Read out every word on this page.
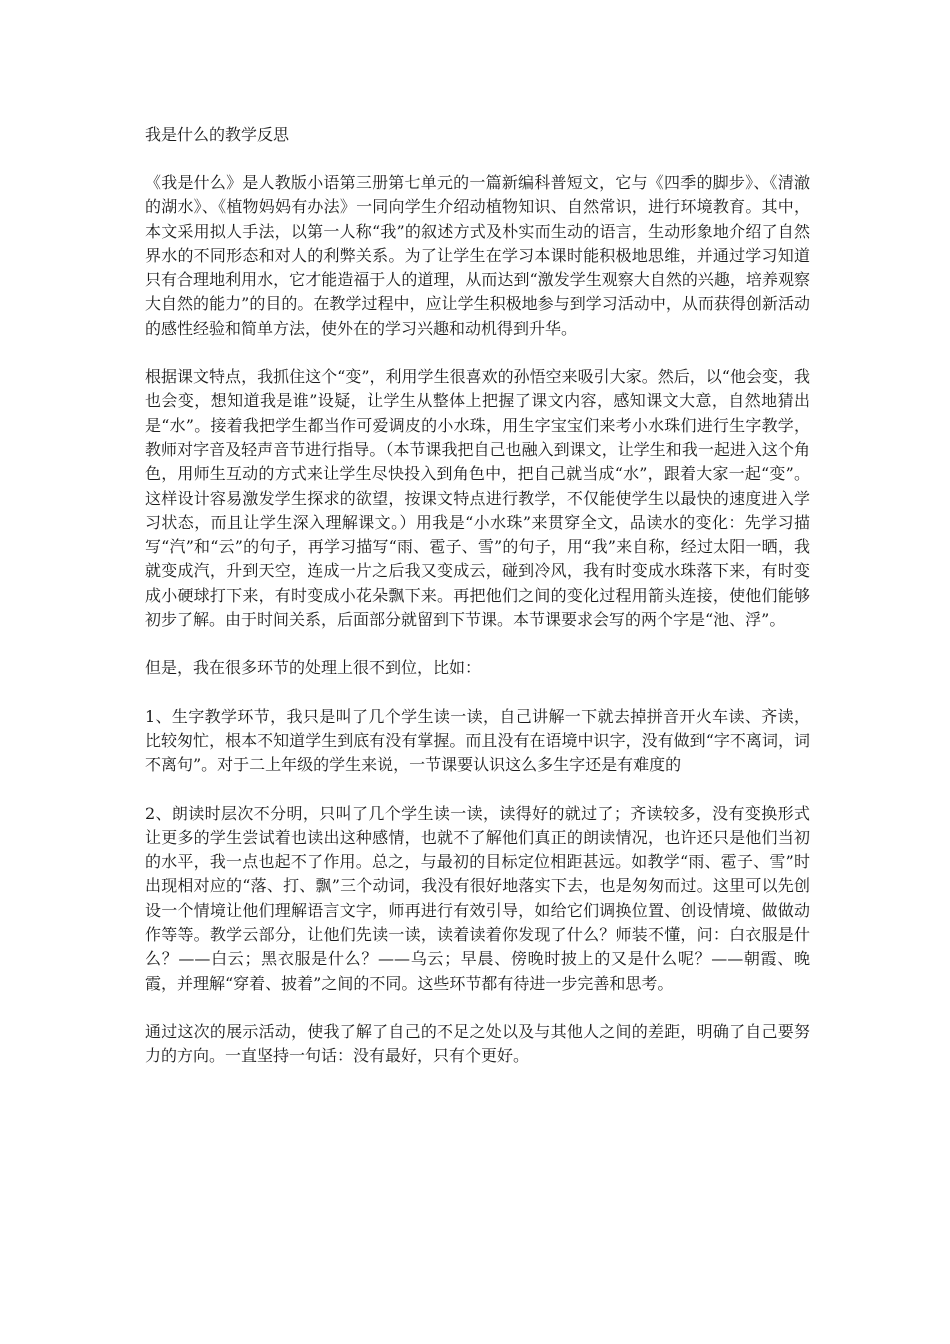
我是什么的教学反思

《我是什么》是人教版小语第三册第七单元的一篇新编科普短文，它与《四季的脚步》、《清澈的湖水》、《植物妈妈有办法》一同向学生介绍动植物知识、自然常识，进行环境教育。其中，本文采用拟人手法，以第一人称“我”的叙述方式及朴实而生动的语言，生动形象地介绍了自然界水的不同形态和对人的利弊关系。为了让学生在学习本课时能积极地思维，并通过学习知道只有合理地利用水，它才能造福于人的道理，从而达到“激发学生观察大自然的兴趣，培养观察大自然的能力”的目的。在教学过程中，应让学生积极地参与到学习活动中，从而获得创新活动的感性经验和简单方法，使外在的学习兴趣和动机得到升华。

根据课文特点，我抓住这个“变”，利用学生很喜欢的孙悟空来吸引大家。然后，以“他会变，我也会变，想知道我是谁”设疑，让学生从整体上把握了课文内容，感知课文大意，自然地猜出是“水”。接着我把学生都当作可爱调皮的小水珠，用生字宝宝们来考小水珠们进行生字教学，教师对字音及轻声音节进行指导。（本节课我把自己也融入到课文，让学生和我一起进入这个角色，用师生互动的方式来让学生尽快投入到角色中，把自己就当成“水”，跟着大家一起“变”。这样设计容易激发学生探求的欲望，按课文特点进行教学，不仅能使学生以最快的速度进入学习状态，而且让学生深入理解课文。）用我是“小水珠”来贯穿全文，品读水的变化：先学习描写“汽”和“云”的句子，再学习描写“雨、雹子、雪”的句子，用“我”来自称，经过太阳一晒，我就变成汽，升到天空，连成一片之后我又变成云，碰到冷风，我有时变成水珠落下来，有时变成小硬球打下来，有时变成小花朵飘下来。再把他们之间的变化过程用箭头连接，使他们能够初步了解。由于时间关系，后面部分就留到下节课。本节课要求会写的两个字是“池、浮”。

但是，我在很多环节的处理上很不到位，比如：

1、生字教学环节，我只是叫了几个学生读一读，自己讲解一下就去掉拼音开火车读、齐读，比较匆忙，根本不知道学生到底有没有掌握。而且没有在语境中识字，没有做到“字不离词，词不离句”。对于二上年级的学生来说，一节课要认识这么多生字还是有难度的

2、朗读时层次不分明，只叫了几个学生读一读，读得好的就过了；齐读较多，没有变换形式让更多的学生尝试着也读出这种感情，也就不了解他们真正的朗读情况，也许还只是他们当初的水平，我一点也起不了作用。总之，与最初的目标定位相距甚远。如教学“雨、雹子、雪”时出现相对应的“落、打、飘”三个动词，我没有很好地落实下去，也是匆匆而过。这里可以先创设一个情境让他们理解语言文字，师再进行有效引导，如给它们调换位置、创设情境、做做动作等等。教学云部分，让他们先读一读，读着读着你发现了什么？师装不懂，问：白衣服是什么？——白云；黑衣服是什么？——乌云；早晨、傍晚时披上的又是什么呢？——朝霞、晚霞，并理解“穿着、披着”之间的不同。这些环节都有待进一步完善和思考。

通过这次的展示活动，使我了解了自己的不足之处以及与其他人之间的差距，明确了自己要努力的方向。一直坚持一句话：没有最好，只有个更好。
